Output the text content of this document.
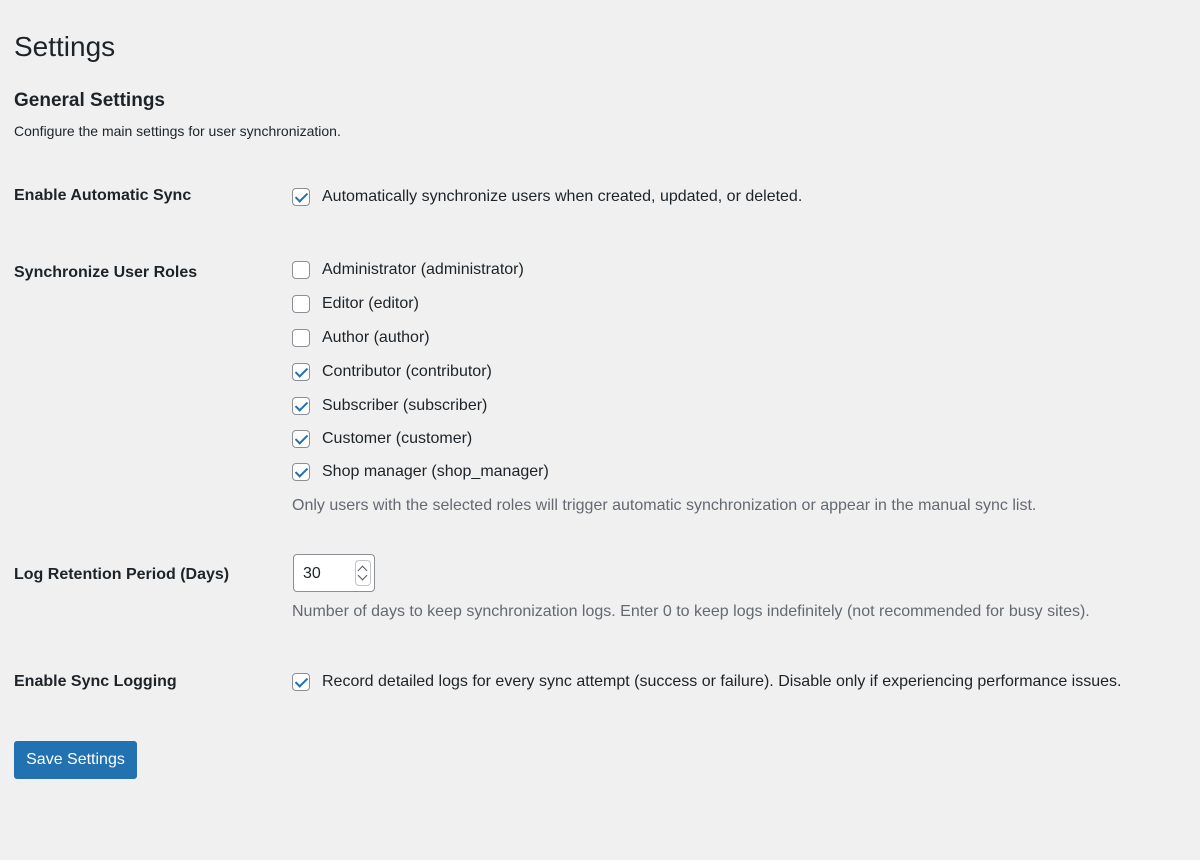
Settings
General Settings
Configure the main settings for user synchronization.
Enable Automatic Sync	Automatically synchronize users when created, updated, or deleted.
Synchronize User Roles	Administrator (administrator)
Editor (editor)
Author (author)
Contributor (contributor)
Subscriber (subscriber)
Customer (customer)
Shop manager (shop_manager)
Only users with the selected roles will trigger automatic synchronization or appear in the manual sync list.
Log Retention Period (Days)	30
Number of days to keep synchronization logs. Enter 0 to keep logs indefinitely (not recommended for busy sites).
Enable Sync Logging	Record detailed logs for every sync attempt (success or failure). Disable only if experiencing performance issues.
Save Settings
